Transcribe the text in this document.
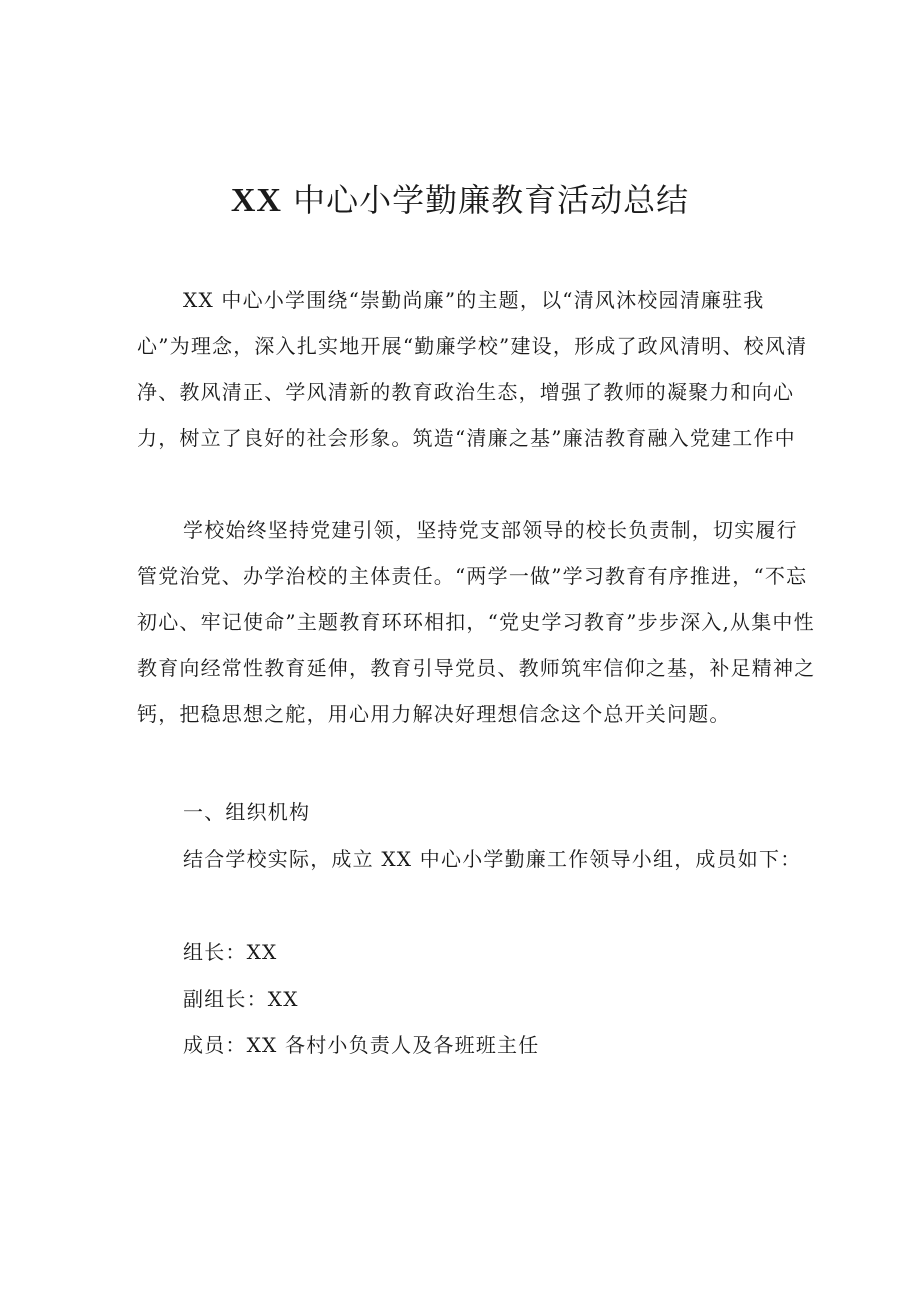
XX 中心小学勤廉教育活动总结

XX 中心小学围绕“崇勤尚廉”的主题，以“清风沐校园清廉驻我心”为理念，深入扎实地开展“勤廉学校”建设，形成了政风清明、校风清净、教风清正、学风清新的教育政治生态，增强了教师的凝聚力和向心力，树立了良好的社会形象。筑造“清廉之基”廉洁教育融入党建工作中

学校始终坚持党建引领，坚持党支部领导的校长负责制，切实履行管党治党、办学治校的主体责任。“两学一做”学习教育有序推进，“不忘初心、牢记使命”主题教育环环相扣，“党史学习教育”步步深入,从集中性教育向经常性教育延伸，教育引导党员、教师筑牢信仰之基，补足精神之钙，把稳思想之舵，用心用力解决好理想信念这个总开关问题。

一、组织机构

结合学校实际，成立 XX 中心小学勤廉工作领导小组，成员如下：

组长：XX
副组长：XX
成员：XX 各村小负责人及各班班主任
